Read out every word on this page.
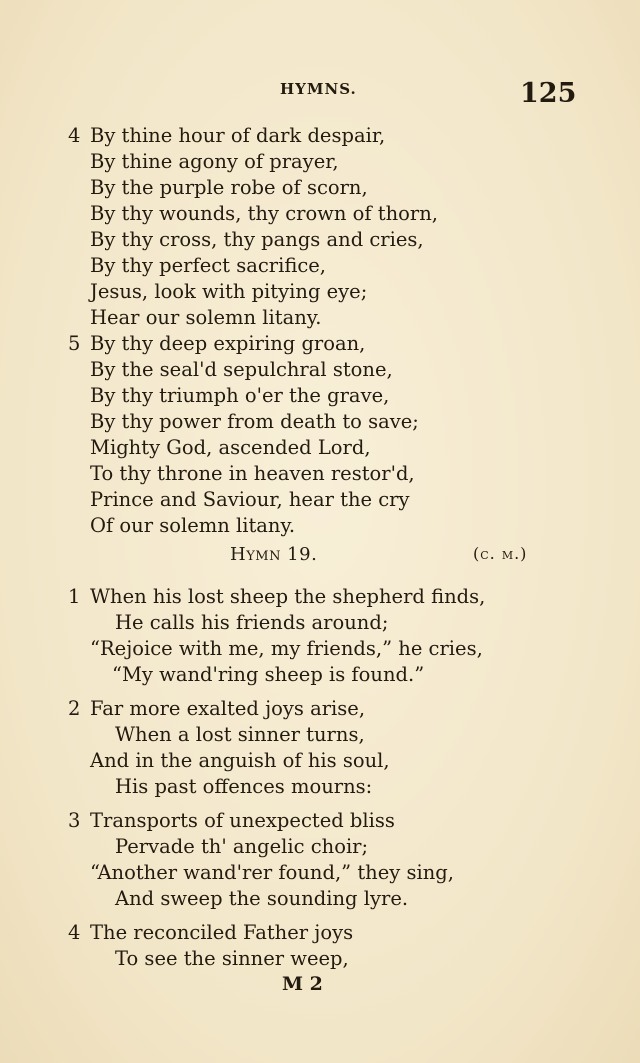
HYMNS.	125
4 By thine hour of dark despair,
By thine agony of prayer,
By the purple robe of scorn,
By thy wounds, thy crown of thorn,
By thy cross, thy pangs and cries,
By thy perfect sacrifice,
Jesus, look with pitying eye;
Hear our solemn litany.
5 By thy deep expiring groan,
By the seal'd sepulchral stone,
By thy triumph o'er the grave,
By thy power from death to save;
Mighty God, ascended Lord,
To thy throne in heaven restor'd,
Prince and Saviour, hear the cry
Of our solemn litany.
Hymn 19.	(c. m.)
1 When his lost sheep the shepherd finds,
He calls his friends around;
“Rejoice with me, my friends,” he cries,
“My wand'ring sheep is found.”
2 Far more exalted joys arise,
When a lost sinner turns,
And in the anguish of his soul,
His past offences mourns:
3 Transports of unexpected bliss
Pervade th' angelic choir;
“Another wand'rer found,” they sing,
And sweep the sounding lyre.
4 The reconciled Father joys
To see the sinner weep,
M 2
